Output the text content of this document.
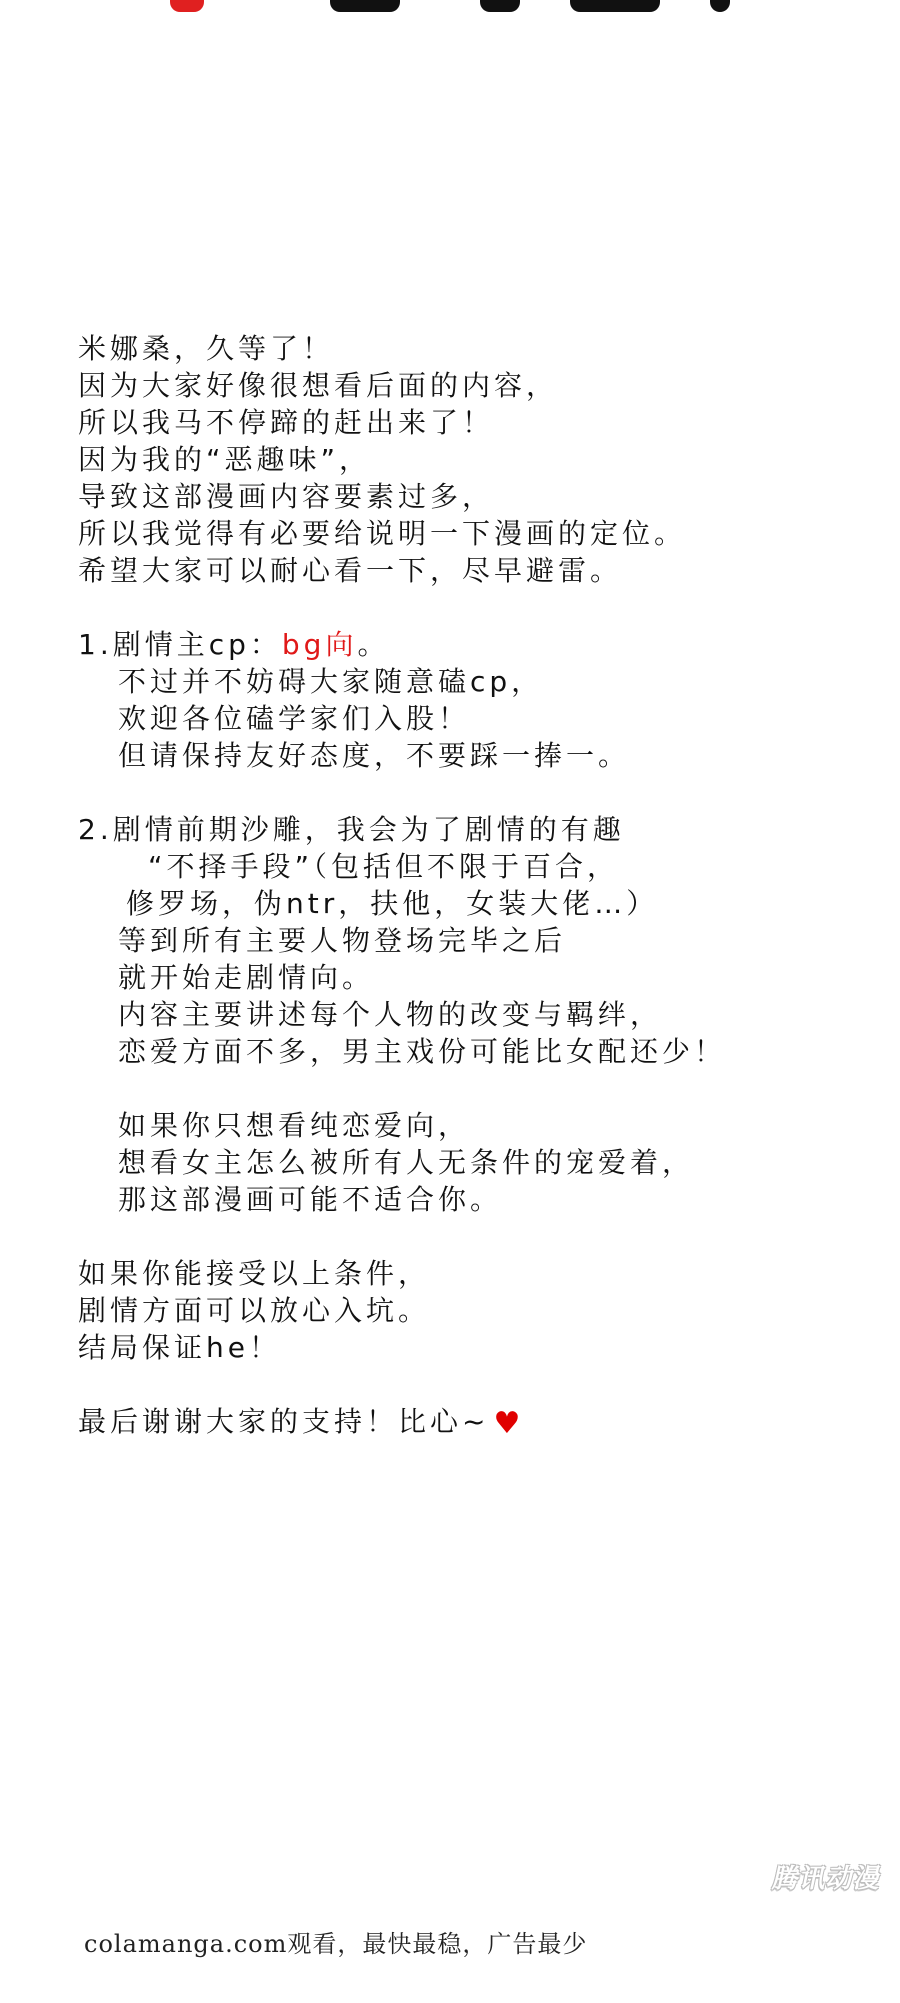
米娜桑，久等了！
因为大家好像很想看后面的内容，
所以我马不停蹄的赶出来了！
因为我的“恶趣味”，
导致这部漫画内容要素过多，
所以我觉得有必要给说明一下漫画的定位。
希望大家可以耐心看一下，尽早避雷。
1.剧情主cp：bg向。
不过并不妨碍大家随意磕cp，
欢迎各位磕学家们入股！
但请保持友好态度，不要踩一捧一。
2.剧情前期沙雕，我会为了剧情的有趣
“不择手段”（包括但不限于百合，
修罗场，伪ntr，扶他，女装大佬…）
等到所有主要人物登场完毕之后
就开始走剧情向。
内容主要讲述每个人物的改变与羁绊，
恋爱方面不多，男主戏份可能比女配还少！
如果你只想看纯恋爱向，
想看女主怎么被所有人无条件的宠爱着，
那这部漫画可能不适合你。
如果你能接受以上条件，
剧情方面可以放心入坑。
结局保证he！
最后谢谢大家的支持！比心~ ♥
腾讯动漫
colamanga.com观看，最快最稳，广告最少
